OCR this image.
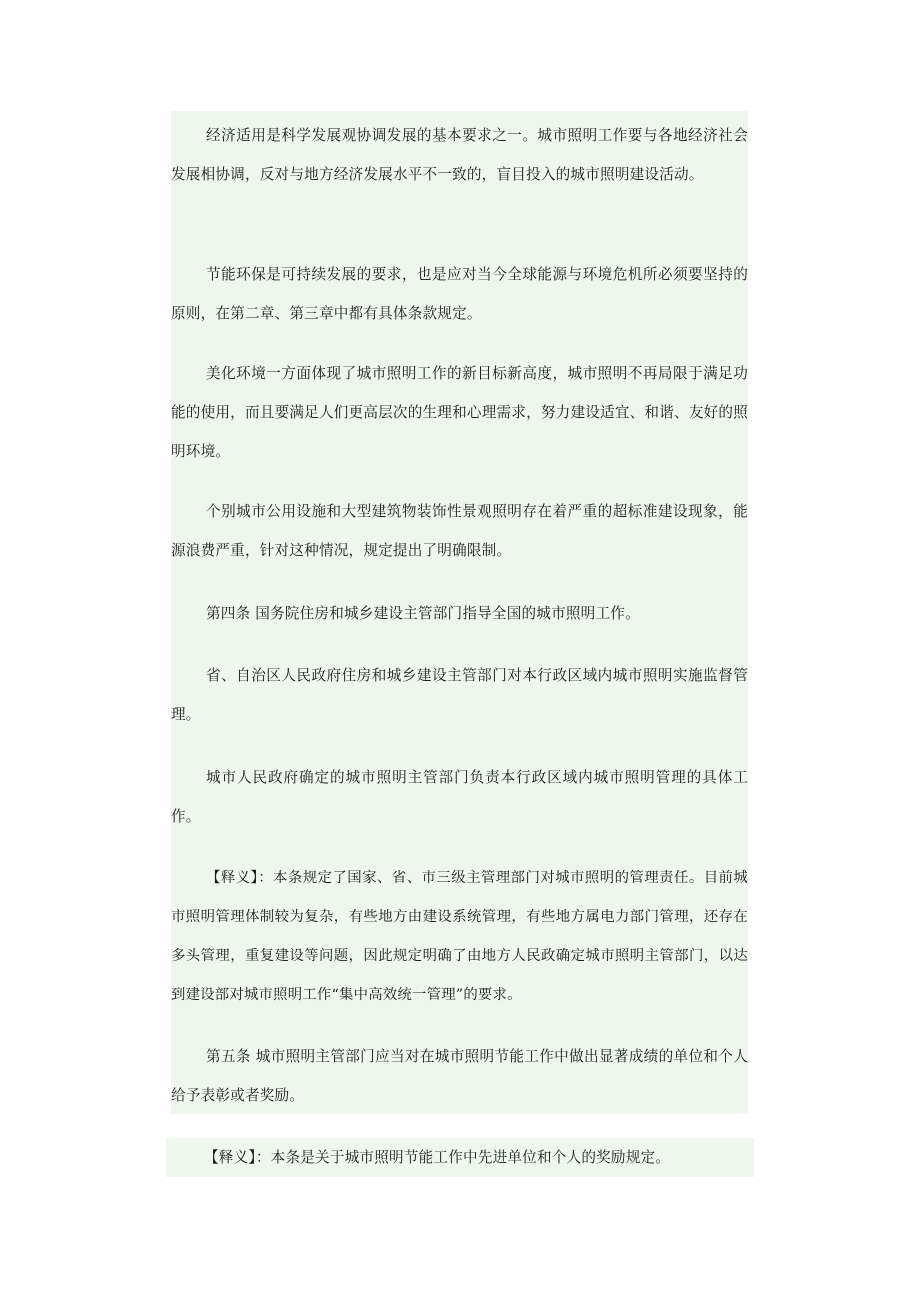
经济适用是科学发展观协调发展的基本要求之一。城市照明工作要与各地经济社会发展相协调，反对与地方经济发展水平不一致的，盲目投入的城市照明建设活动。

节能环保是可持续发展的要求，也是应对当今全球能源与环境危机所必须要坚持的原则，在第二章、第三章中都有具体条款规定。

美化环境一方面体现了城市照明工作的新目标新高度，城市照明不再局限于满足功能的使用，而且要满足人们更高层次的生理和心理需求，努力建设适宜、和谐、友好的照明环境。

个别城市公用设施和大型建筑物装饰性景观照明存在着严重的超标准建设现象，能源浪费严重，针对这种情况，规定提出了明确限制。

第四条 国务院住房和城乡建设主管部门指导全国的城市照明工作。

省、自治区人民政府住房和城乡建设主管部门对本行政区域内城市照明实施监督管理。

城市人民政府确定的城市照明主管部门负责本行政区域内城市照明管理的具体工作。

【释义】：本条规定了国家、省、市三级主管理部门对城市照明的管理责任。目前城市照明管理体制较为复杂，有些地方由建设系统管理，有些地方属电力部门管理，还存在多头管理，重复建设等问题，因此规定明确了由地方人民政确定城市照明主管部门，以达到建设部对城市照明工作“集中高效统一管理”的要求。

第五条 城市照明主管部门应当对在城市照明节能工作中做出显著成绩的单位和个人给予表彰或者奖励。

【释义】：本条是关于城市照明节能工作中先进单位和个人的奖励规定。
